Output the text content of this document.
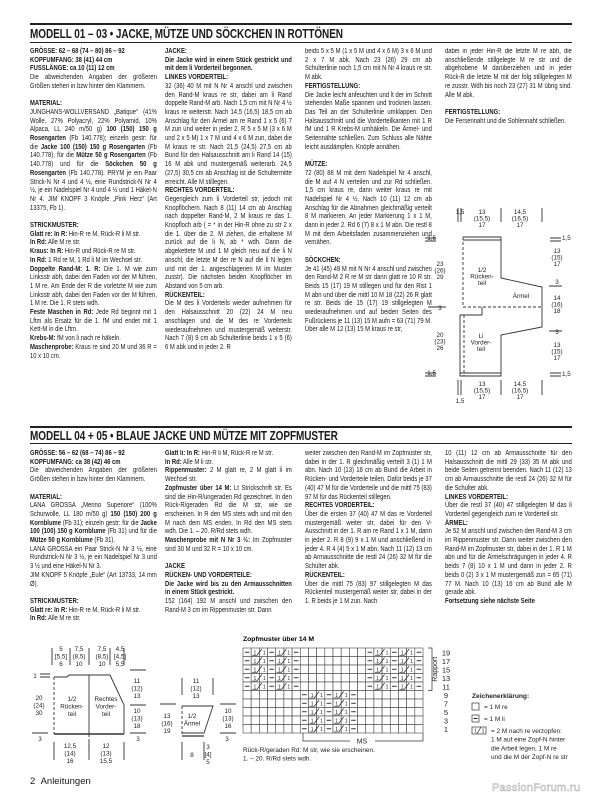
MODELL 01 – 03 • JACKE, MÜTZE UND SÖCKCHEN IN ROTTÖNEN

GRÖSSE: 62 – 68 (74 – 80) 86 – 92

KOPFUMFANG: 38 (41) 44 cm

FUSSLÄNGE: ca 10 (11) 12 cm

Die abweichenden Angaben der größeren Größen stehen in bzw hinter den Klammern.

MATERIAL:

JUNGHANS-WOLLVERSAND „Batique“ (41% Wolle, 27% Polyacryl, 22% Polyamid, 10% Alpaca, LL 240 m/50 g) 100 (150) 150 g Rosengarten (Fb 140.778); einzeln gestr: für die Jacke 100 (150) 150 g Rosengarten (Fb 140.778), für die Mütze 50 g Rosengarten (Fb 140.778) und für die Söckchen 50 g Rosengarten (Fb 140.778). PRYM je ein Paar Strick-N Nr 4 und 4 ½, eine Rundstrick-N Nr 4 ½, je ein Nadelspiel Nr 4 und 4 ½ und 1 Häkel-N Nr 4. JIM KNOPF 3 Knöpfe „Pink Herz“ (Art 13375, Fb 1).

STRICKMUSTER:

Glatt re: In R: Hin-R re M, Rück-R li M str.

In Rd: Alle M re str.

Kraus: In R: Hin-R und Rück-R re M str.

In Rd: 1 Rd re M, 1 Rd li M im Wechsel str.

Doppelte Rand-M: 1. R: Die 1. M wie zum Linksstr abh, dabei den Faden vor der M führen, 1 M re. Am Ende der R die vorletzte M wie zum Linksstr abh, dabei den Faden vor der M führen, 1 M re. Die 1. R stets wdh.

Feste Maschen in Rd: Jede Rd beginnt mit 1 Lftm als Ersatz für die 1. fM und endet mit 1 Kett-M in die Lftm.

Krebs-M: fM von li nach re häkeln.

Maschenprobe: Kraus re sind 20 M und 36 R = 10 x 10 cm.

JACKE:

Die Jacke wird in einem Stück gestrickt und mit dem li Vorderteil begonnen.

LINKES VORDERTEIL:

32 (36) 40 M mit N Nr 4 anschl und zwischen den Rand-M kraus re str, dabei am li Rand doppelte Rand-M arb. Nach 1,5 cm mit N Nr 4 ½ kraus re weiterstr. Nach 14,5 (16,5) 18,5 cm ab Anschlag für den Ärmel am re Rand 1 x 5 (6) 7 M zun und weiter in jeder 2. R 5 x 5 M (3 x 6 M und 2 x 5 M) 1 x 7 M und 4 x 6 M zun, dabei die M kraus re str. Nach 21,5 (24,5) 27,5 cm ab Bund für den Halsausschnitt am li Rand 14 (15) 16 M abk und mustergemäß weiterarb. 24,5 (27,5) 30,5 cm ab Anschlag ist die Schultermitte erreicht. Alle M stillegen.

RECHTES VORDERTEIL:

Gegengleich zum li Vorderteil str, jedoch mit Knopflöchern. Nach 8 (11) 14 cm ab Anschlag nach doppelter Rand-M, 2 M kraus re das 1. Knopfloch arb ( = * in der Hin-R ohne zu str 2 x die 1. über die 2. M ziehen, die erhaltene M zurück auf die li N, ab * wdh. Dann die abgekettete M und 1 M gleich neu auf die li N anschl, die letzte M der re N auf die li N legen und mit der 1. angeschlagenen M im Muster zusstr). Die nächsten beiden Knopflöcher im Abstand von 5 cm arb.

RÜCKENTEIL:

Die M des li Vorderteils wieder aufnehmen für den Halsausschnitt 20 (22) 24 M neu anschlagen und die M des re Vorderteils wiederaufnehmen und mustergemäß weiterstr. Nach 7 (8) 9 cm ab Schulterlinie beids 1 x 5 (6) 6 M abk und in jeder 2. R

beids 5 x 5 M (1 x 5 M und 4 x 6 M) 3 x 6 M und 2 x 7 M abk. Nach 23 (26) 29 cm ab Schulterlinie noch 1,5 cm mit N Nr 4 kraus re str. M abk.

FERTIGSTELLUNG:

Die Jacke leicht anfeuchten und lt der im Schnitt stehenden Maße spannen und trocknen lassen. Das Teil an der Schulterlinie umklappen. Den Halsausschnitt und die Vorderteilkanten mit 1 R fM und 1 R Krebs-M umhäkeln. Die Ärmel- und Seitennähte schließen. Zum Schluss alle Nähte leicht ausdämpfen. Knöpfe annähen.

MÜTZE:

72 (80) 88 M mit dem Nadelspiel Nr 4 anschl, die M auf 4 N verteilen und zur Rd schließen. 1,5 cm kraus re, dann weiter kraus re mit Nadelspiel Nr 4 ½. Nach 10 (11) 12 cm ab Anschlag für die Abnahmen gleichmäßig verteilt 8 M markieren. An jeder Markierung 1 x 1 M, dann in jeder 2. Rd 6 (7) 8 x 1 M abn. Die restl 8 M mit dem Arbeitsfaden zusammenziehen und vernähen.

SÖCKCHEN:

Je 41 (45) 49 M mit N Nr 4 anschl und zwischen den Rand-M 2 R re M str dann glatt re 10 R str. Beids 15 (17) 19 M stillegen und für den Rist 1 M abn und über die mittl 10 M 18 (22) 26 R glatt re str. Beids die 15 (17) 19 stillgelegten M wiederaufnehmen und auf beiden Seiten des Fußrückens je 11 (13) 15 M aufn = 63 (71) 79 M. Über alle M 12 (13) 15 M kraus re str,

dabei in jeder Hin-R die letzte M re abh, die anschließende stillgelegte M re str und die abgehobene M darüberziehen und in jeder Rück-R die letzte M mit der folg stillgelegten M re zusstr. Wdh bis noch 23 (27) 31 M übrig sind. Alle M abk.

FERTIGSTELLUNG:

Die Fersennaht und die Sohlennaht schließen.

MODELL 04 + 05 • BLAUE JACKE UND MÜTZE MIT ZOPFMUSTER

GRÖSSE: 56 – 62 (68 – 74) 86 – 92

KOPFUMFANG: ca 38 (42) 46 cm

Die abweichenden Angaben der größeren Größen stehen in bzw hinter den Klammern.

MATERIAL:

LANA GROSSA „Merino Superiore“ (100% Schurwolle, LL 180 m/50 g) 150 (150) 200 g Kornblume (Fb 31); einzeln gestr: für die Jacke 100 (100) 150 g Kornblume (Fb 31) und für die Mütze 50 g Kornblume (Fb 31).

LANA GROSSA ein Paar Strick-N Nr 3 ½, eine Rundstrick-N Nr 3 ½, je ein Nadelspiel Nr 3 und 3 ½ und eine Häkel-N Nr 3.

JIM KNOPF 5 Knöpfe „Eule“ (Art 13733, 14 mm Ø).

STRICKMUSTER:

Glatt re: In R: Hin-R re M, Rück-R li M str.

In Rd: Alle M re str.

Glatt li: In R: Hin-R li M, Rück-R re M str.

In Rd: Alle M li str.

Rippenmuster: 2 M glatt re, 2 M glatt li im Wechsel str.

Zopfmuster über 14 M: Lt Strickschrift str. Es sind die Hin-R/ungeraden Rd gezeichnet. In den Rück-R/geraden Rd die M str, wie sie erscheinen. In R den MS stets wdh und mit den M nach dem MS enden. In Rd den MS stets wdh. Die 1. – 20. R/Rd stets wdh.

Maschenprobe mit N Nr 3 ½: Im Zopfmuster sind 30 M und 32 R = 10 x 10 cm.

JACKE

RÜCKEN- UND VORDERTEILE:

Die Jacke wird bis zu den Armausschnitten in einem Stück gestrickt.

152 (164) 192 M anschl und zwischen den Rand-M 3 cm im Rippenmuster str. Dann

weiter zwischen den Rand-M im Zopfmuster str, dabei in der 1. R gleichmäßig verteilt 3 (1) 1 M abn. Nach 10 (13) 18 cm ab Bund die Arbeit in Rücken- und Vorderteile teilen. Dafür beids je 37 (40) 47 M für die Vorderteile und die mittl 75 (83) 97 M für das Rückenteil stillegen.

RECHTES VORDERTEIL:

Über die ersten 37 (40) 47 M das re Vorderteil mustergemäß weiter str, dabei für den V-Ausschnitt in der 1. R am re Rand 1 x 1 M, dann in jeder 2. R 8 (9) 9 x 1 M und anschließend in jeder 4. R 4 (4) 5 x 1 M abn. Nach 11 (12) 13 cm ab Armausschnitte die restl 24 (26) 32 M für die Schulter abk.

RÜCKENTEIL:

Über die mittl 75 (83) 97 stillgelegten M das Rückenteil mustergemäß weiter str, dabei in der 1. R beids je 1 M zun. Nach

10 (11) 12 cm ab Armausschnitte für den Halsausschnitt die mittl 29 (33) 35 M abk und beide Seiten getrennt beenden. Nach 11 (12) 13 cm ab Armausschnitte die restl 24 (26) 32 M für die Schulter abk.

LINKES VORDERTEIL:

Über die restl 37 (40) 47 stillgelegten M das li Vorderteil gegengleich zum re Vorderteil str.

ÄRMEL:

Je 52 M anschl und zwischen den Rand-M 3 cm im Rippenmuster str. Dann weiter zwischen den Rand-M im Zopfmuster str, dabei in der 1. R 1 M abn und für die Ärmelschrägungen in jeder 4. R beids 7 (8) 10 x 1 M und dann in jeder 2. R beids 0 (2) 3 x 1 M mustergemäß zun = 65 (71) 77 M. Nach 10 (13) 16 cm ab Bund alle M gerade abk.

Fortsetzung siehe nächste Seite

1,5 13
(15,5)
17
14,5
(16,5)
17
1,5
23
(26)
29
3
20
(23)
26
1,5
1,5
13
(15)
17
3
14
(16)
18
3
13
(15)
17
1,5
13
(15,5)
17
14,5
(16,5)
17
1,5
1/2
Rücken-
teil
Ärmel
Li
Vorder-
teil
5
[5,5]
6
7,5
(8,5)
10
7,5
(8,5)
10
4,5
[4,5]
5,5
1
20
(24)
30
3
11
(12)
13
10
(13)
18
3
12,5
(14)
16
12
(13)
15,5
1/2
Rücken-
teil
Rechtes
Vorder-
teil
11
(12)
13
13
(16)
19
1/2
Ärmel
10
(13)
16
3
8
3
[4]
5
Zopfmuster über 14 M
1 1 1 1	1 1 1 1
1 1 1 1	1 1 1 1
1 1 1 1	1 1 1 1
1 1 1 1	1 1 1 1
1 1 1 1	1 1 1 1
1 1 1 1
1 1 1 1
1 1 1 1
1 1 1 1
1 1 1 1
19
17
15
13
11
9
7
5
3
1
Rapport
MS
Rück-R/geraden Rd: M str, wie sie erscheinen.
1. – 20. R/Rd stets wdh.
Zeichenerklärung:
= 1 M re
= 1 M li
1 1 = 2 M nach re verzopfen:
1 M auf eine Zopf-N hinter
die Arbeit legen, 1 M re
und die M der Zopf-N re str
2 Anleitungen
PassionForum.ru
